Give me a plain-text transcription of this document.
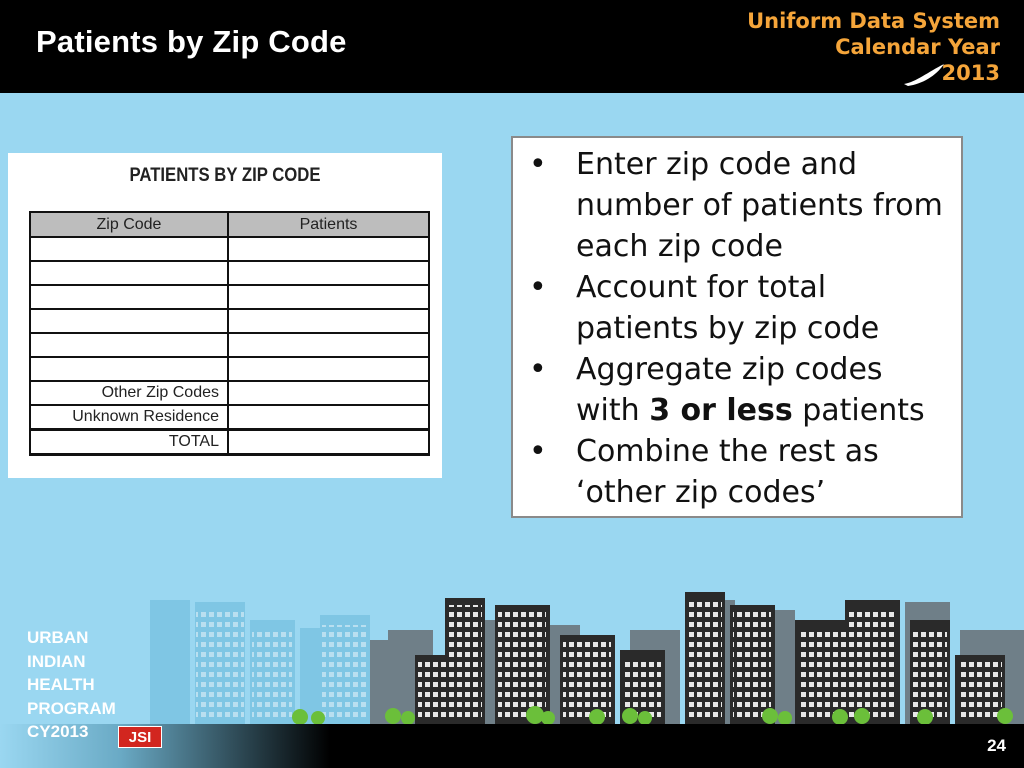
Patients by Zip Code
Uniform Data System
Calendar Year
2013
PATIENTS BY ZIP CODE
Zip Code	Patients

Other Zip Codes	
Unknown Residence	
TOTAL	
• Enter zip code and number of patients from each zip code
• Account for total patients by zip code
• Aggregate zip codes with 3 or less patients
• Combine the rest as ‘other zip codes’
URBAN
INDIAN
HEALTH
PROGRAM
CY2013	JSI	24
